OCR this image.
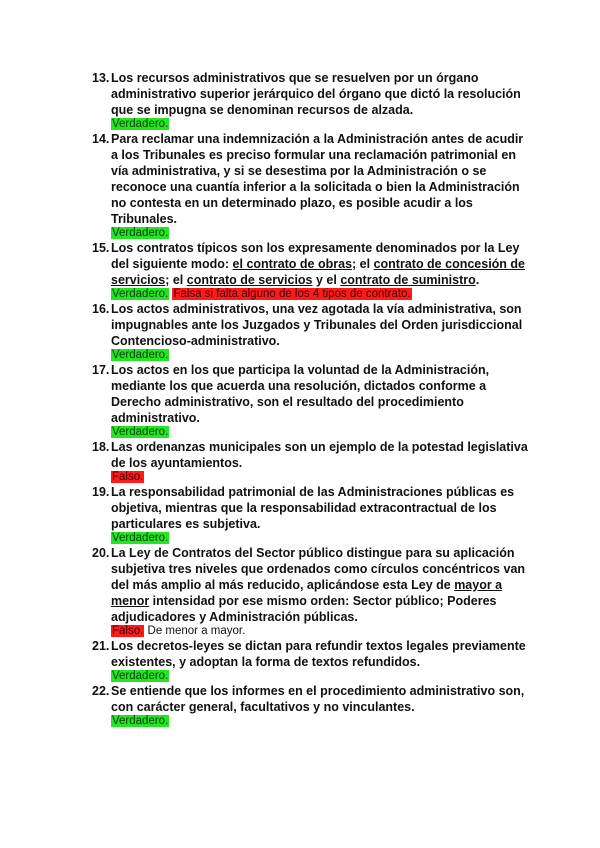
13. Los recursos administrativos que se resuelven por un órgano administrativo superior jerárquico del órgano que dictó la resolución que se impugna se denominan recursos de alzada.
Verdadero.
14. Para reclamar una indemnización a la Administración antes de acudir a los Tribunales es preciso formular una reclamación patrimonial en vía administrativa, y si se desestima por la Administración o se reconoce una cuantía inferior a la solicitada o bien la Administración no contesta en un determinado plazo, es posible acudir a los Tribunales.
Verdadero.
15. Los contratos típicos son los expresamente denominados por la Ley del siguiente modo: el contrato de obras; el contrato de concesión de servicios; el contrato de servicios y el contrato de suministro.
Verdadero. Falsa si falta alguno de los 4 tipos de contrato.
16. Los actos administrativos, una vez agotada la vía administrativa, son impugnables ante los Juzgados y Tribunales del Orden jurisdiccional Contencioso-administrativo.
Verdadero.
17. Los actos en los que participa la voluntad de la Administración, mediante los que acuerda una resolución, dictados conforme a Derecho administrativo, son el resultado del procedimiento administrativo.
Verdadero.
18. Las ordenanzas municipales son un ejemplo de la potestad legislativa de los ayuntamientos.
Falso.
19. La responsabilidad patrimonial de las Administraciones públicas es objetiva, mientras que la responsabilidad extracontractual de los particulares es subjetiva.
Verdadero.
20. La Ley de Contratos del Sector público distingue para su aplicación subjetiva tres niveles que ordenados como círculos concéntricos van del más amplio al más reducido, aplicándose esta Ley de mayor a menor intensidad por ese mismo orden: Sector público; Poderes adjudicadores y Administración públicas.
Falso. De menor a mayor.
21. Los decretos-leyes se dictan para refundir textos legales previamente existentes, y adoptan la forma de textos refundidos.
Verdadero.
22. Se entiende que los informes en el procedimiento administrativo son, con carácter general, facultativos y no vinculantes.
Verdadero.
